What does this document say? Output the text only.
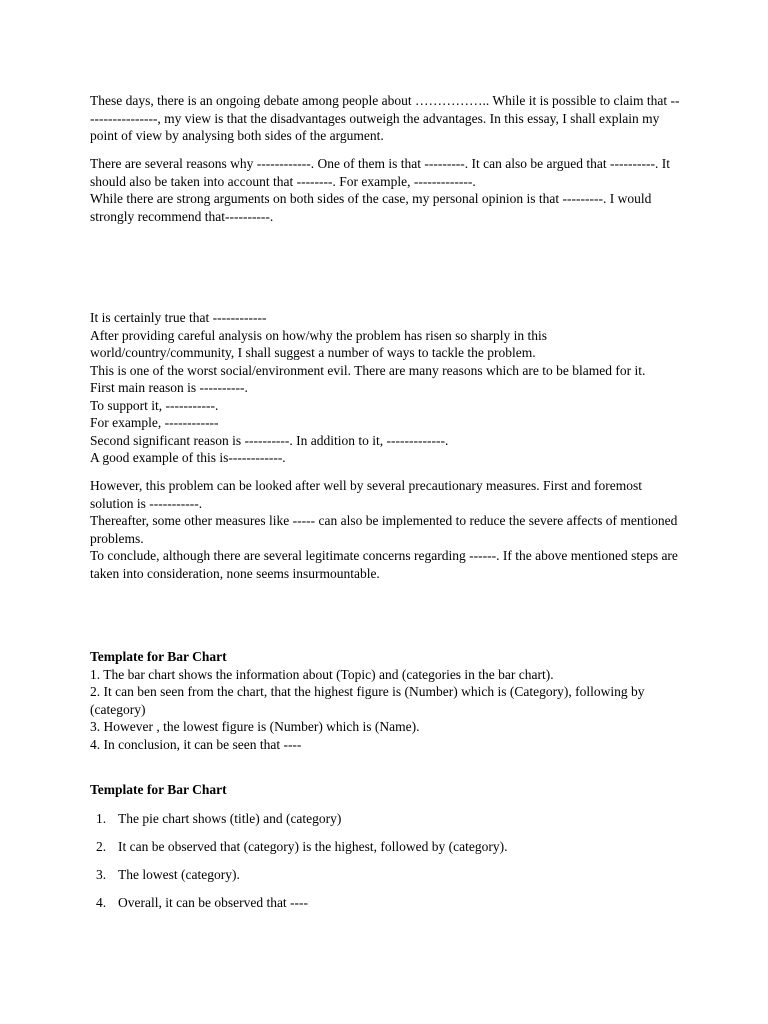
These days, there is an ongoing debate among people about …………….. While it is possible to claim that -----------------, my view is that the disadvantages outweigh the advantages. In this essay, I shall explain my point of view by analysing both sides of the argument.

There are several reasons why ------------. One of them is that ---------. It can also be argued that ----------. It should also be taken into account that --------. For example, -------------.

While there are strong arguments on both sides of the case, my personal opinion is that ---------. I would strongly recommend that----------.

It is certainly true that ------------

After providing careful analysis on how/why the problem has risen so sharply in this world/country/community, I shall suggest a number of ways to tackle the problem.

This is one of the worst social/environment evil. There are many reasons which are to be blamed for it.

First main reason is ----------.

To support it, -----------.

For example, ------------

Second significant reason is ----------. In addition to it, -------------.

A good example of this is------------.

However, this problem can be looked after well by several precautionary measures. First and foremost solution is -----------.

Thereafter, some other measures like ----- can also be implemented to reduce the severe affects of mentioned problems.

To conclude, although there are several legitimate concerns regarding ------. If the above mentioned steps are taken into consideration, none seems insurmountable.

Template for Bar Chart

1. The bar chart shows the information about (Topic) and (categories in the bar chart).

2. It can ben seen from the chart, that the highest figure is (Number) which is (Category), following by (category)

3. However , the lowest figure is (Number) which is (Name).

4. In conclusion, it can be seen that ----

Template for Bar Chart

1. The pie chart shows (title) and (category)
2. It can be observed that (category) is the highest, followed by (category).
3. The lowest (category).
4. Overall, it can be observed that ----
